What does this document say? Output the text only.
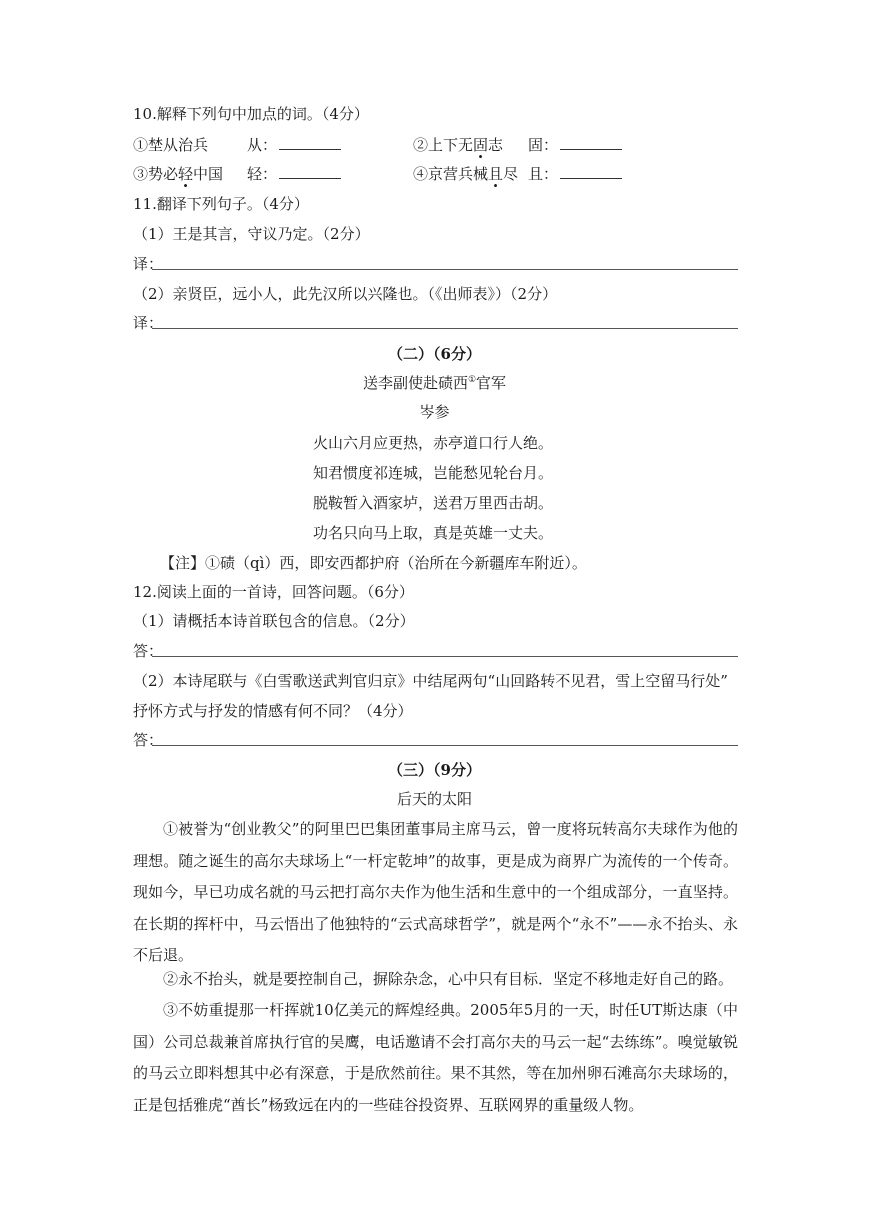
10.解释下列句中加点的词。（4分）
①埜从治兵	从：	②上下无固志 固：
③势必轻中国 轻：	④京营兵械且尽 且：
11.翻译下列句子。（4分）
（1）王是其言，守议乃定。（2分）
译：
（2）亲贤臣，远小人，此先汉所以兴隆也。（《出师表》）（2分）
译：
（二）（6分）
送李副使赴碛西①官军
岑参
火山六月应更热，赤亭道口行人绝。
知君惯度祁连城，岂能愁见轮台月。
脱鞍暂入酒家垆，送君万里西击胡。
功名只向马上取，真是英雄一丈夫。
【注】①碛（qì）西，即安西都护府（治所在今新疆库车附近）。
12.阅读上面的一首诗，回答问题。（6分）
（1）请概括本诗首联包含的信息。（2分）
答：
（2）本诗尾联与《白雪歌送武判官归京》中结尾两句“山回路转不见君，雪上空留马行处”
抒怀方式与抒发的情感有何不同？（4分）
答：
（三）（9分）
后天的太阳
①被誉为“创业教父”的阿里巴巴集团董事局主席马云，曾一度将玩转高尔夫球作为他的理想。随之诞生的高尔夫球场上“一杆定乾坤”的故事，更是成为商界广为流传的一个传奇。现如今，早已功成名就的马云把打高尔夫作为他生活和生意中的一个组成部分，一直坚持。在长期的挥杆中，马云悟出了他独特的“云式高球哲学”，就是两个“永不”——永不抬头、永不后退。
②永不抬头，就是要控制自己，摒除杂念，心中只有目标．坚定不移地走好自己的路。
③不妨重提那一杆挥就10亿美元的辉煌经典。2005年5月的一天，时任UT斯达康（中国）公司总裁兼首席执行官的吴鹰，电话邀请不会打高尔夫的马云一起“去练练”。嗅觉敏锐的马云立即料想其中必有深意，于是欣然前往。果不其然，等在加州卵石滩高尔夫球场的，正是包括雅虎“酋长”杨致远在内的一些硅谷投资界、互联网界的重量级人物。
